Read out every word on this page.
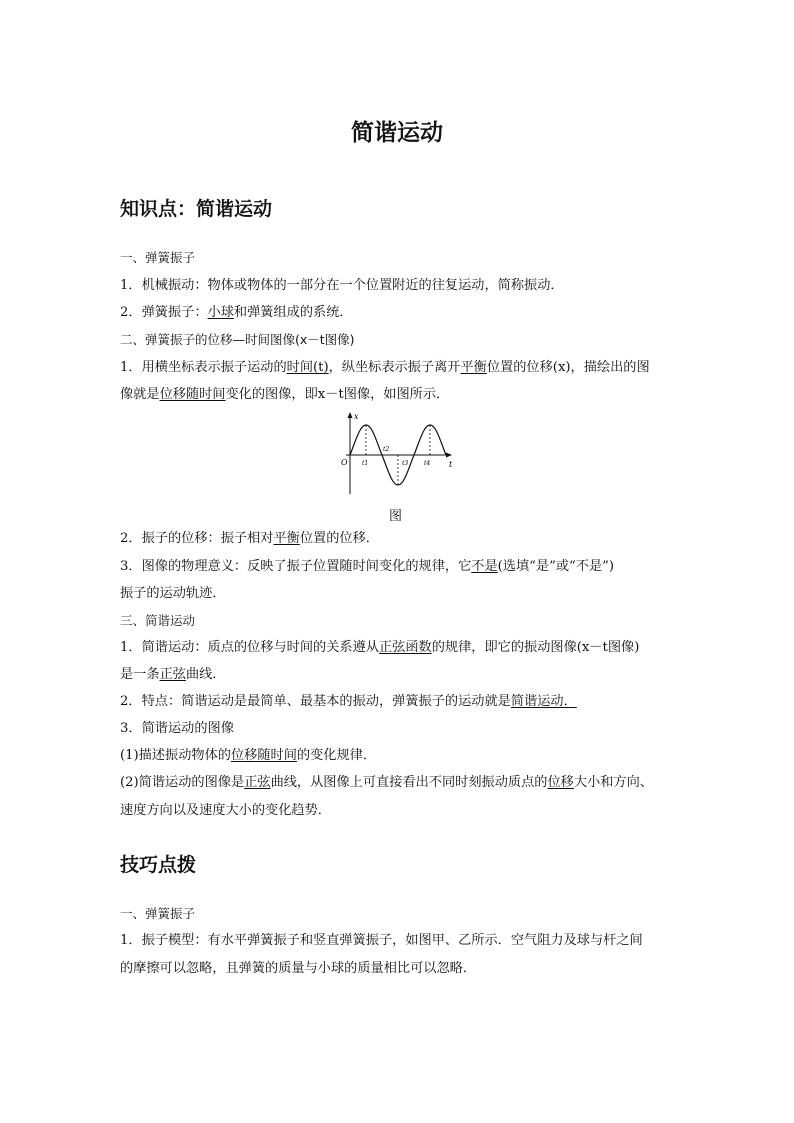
简谐运动
知识点：简谐运动
一、弹簧振子
1．机械振动：物体或物体的一部分在一个位置附近的往复运动，简称振动．
2．弹簧振子：小球和弹簧组成的系统．
二、弹簧振子的位移—时间图像(x－t图像)
1．用横坐标表示振子运动的时间(t)，纵坐标表示振子离开平衡位置的位移(x)，描绘出的图
像就是位移随时间变化的图像，即x－t图像，如图所示．
x
t
O t1
t2
t3	t4
图
2．振子的位移：振子相对平衡位置的位移．
3．图像的物理意义：反映了振子位置随时间变化的规律，它不是(选填“是”或“不是”)
振子的运动轨迹．
三、简谐运动
1．简谐运动：质点的位移与时间的关系遵从正弦函数的规律，即它的振动图像(x－t图像)
是一条正弦曲线．
2．特点：简谐运动是最简单、最基本的振动，弹簧振子的运动就是简谐运动．
3．简谐运动的图像
(1)描述振动物体的位移随时间的变化规律．
(2)简谐运动的图像是正弦曲线，从图像上可直接看出不同时刻振动质点的位移大小和方向、
速度方向以及速度大小的变化趋势．
技巧点拨
一、弹簧振子
1．振子模型：有水平弹簧振子和竖直弹簧振子，如图甲、乙所示．空气阻力及球与杆之间
的摩擦可以忽略，且弹簧的质量与小球的质量相比可以忽略．
